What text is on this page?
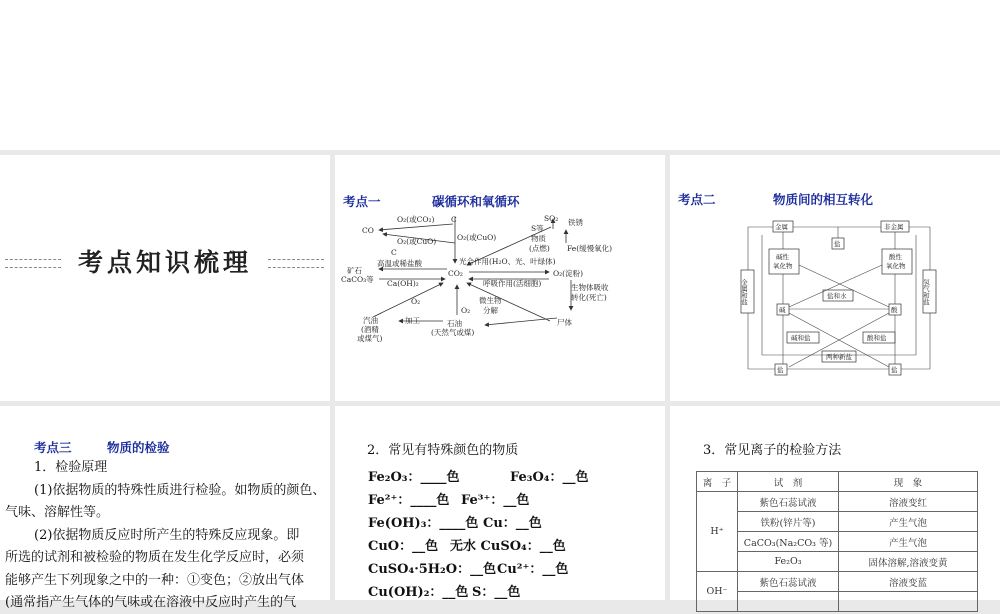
考点知识梳理
考点一	碳循环和氧循环
CO
C
O₂(或CO₂)
O₂(或CuO)
O₂(或CuO)
C
S等
物质
(点燃)
SO₂ 铁锈
Fe(缓慢氧化)
高温或稀盐酸
矿石
CaCO₃等 Ca(OH)₂
CO₂
光合作用(H₂O、光、叶绿体)
呼吸作用(活细胞)
O₂(淀粉)
生物体吸收
转化(死亡)
O₂	微生物
分解
O₂
汽油
(酒精
或煤气)
加工	石油
(天然气或煤)
尸体
考点二	物质间的相互转化
金属	非金属
盐
碱性
氧化物
酸性
氧化物
金属和盐	氢气和盐
盐和水
碱	酸
碱和盐	酸和盐
两种新盐
盐	盐
考点三	物质的检验
1．检验原理
(1)依据物质的特殊性质进行检验。如物质的颜色、
气味、溶解性等。
(2)依据物质反应时所产生的特殊反应现象。即
所选的试剂和被检验的物质在发生化学反应时，必须
能够产生下列现象之中的一种：①变色；②放出气体
(通常指产生气体的气味或在溶液中反应时产生的气
2．常见有特殊颜色的物质
Fe₂O₃：____色	Fe₃O₄：__色
Fe²⁺：____色 Fe³⁺：__色
Fe(OH)₃：____色 Cu：__色
CuO：__色 无水 CuSO₄：__色
CuSO₄·5H₂O：__色 Cu²⁺：__色
Cu(OH)₂：__色 S：__色
3．常见离子的检验方法
离　子	试　剂	现　象
H⁺	紫色石蕊试液	溶液变红
	铁粉(锌片等)	产生气泡
	CaCO₃(Na₂CO₃ 等)	产生气泡
	Fe₂O₃	固体溶解,溶液变黄
OH⁻	紫色石蕊试液	溶液变蓝
